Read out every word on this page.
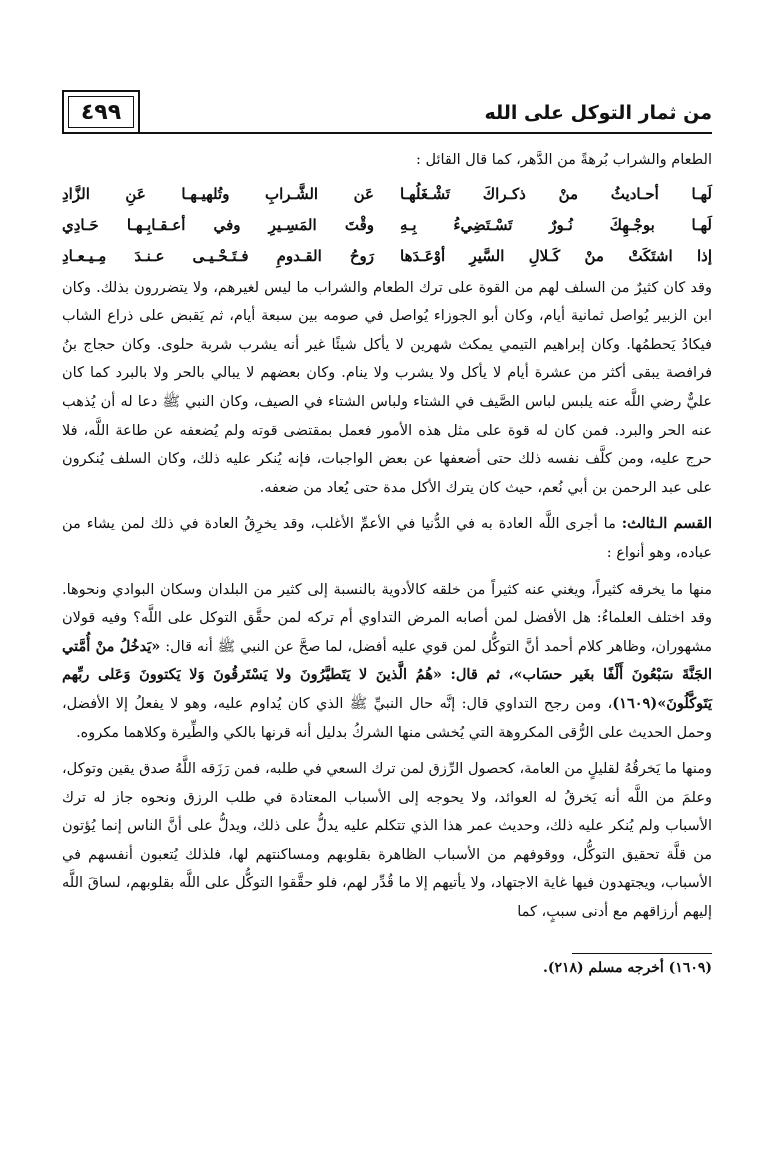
من ثمار التوكل على الله
٤٩٩

الطعام والشراب بُرهةً من الدَّهر، كما قال القائل :

لَهـا أحـاديثُ منْ ذكـراكَ تَشْـغَلُهـا
عَن الشَّـرابِ وتُلهيـهـا عَنِ الزَّادِ
لَهـا بوجْـهِكَ نُـورٌ تَسْـتَضِيءُ بِـهِ
وقْتَ المَسِـيرِ وفي أعـقـابِـهـا حَـادِي
إذا اشتَكَتْ منْ كَـلالِ السَّيرِ أوْعَـدَها
رَوحُ القـدومِ فـتَـحْـيـى عـنـدَ مِـيـعـادِ

وقد كان كثيرٌ من السلف لهم من القوة على ترك الطعام والشراب ما ليس لغيرهم، ولا يتضررون بذلك. وكان ابن الزبير يُواصل ثمانية أيام، وكان أبو الجوزاء يُواصل في صومه بين سبعة أيام، ثم يَقبض على ذراع الشاب فيكادُ يَحطمُها. وكان إبراهيم التيمي يمكث شهرين لا يأكل شيئًا غير أنه يشرب شربة حلوى. وكان حجاج بنُ فرافصة يبقى أكثر من عشرة أيام لا يأكل ولا يشرب ولا ينام. وكان بعضهم لا يبالي بالحر ولا بالبرد كما كان عليٌّ رضي اللَّه عنه يلبس لباس الصَّيف في الشتاء ولباس الشتاء في الصيف، وكان النبي ﷺ دعا له أن يُذهب عنه الحر والبرد. فمن كان له قوة على مثل هذه الأمور فعمل بمقتضى قوته ولم يُضعفه عن طاعة اللَّه، فلا حرج عليه، ومن كلَّف نفسه ذلك حتى أضعفها عن بعض الواجبات، فإنه يُنكر عليه ذلك، وكان السلف يُنكرون على عبد الرحمن بن أبي نُعم، حيث كان يترك الأكل مدة حتى يُعاد من ضعفه.

القسم الـثالث: ما أجرى اللَّه العادة به في الدُّنيا في الأعمِّ الأغلب، وقد يخرِقُ العادة في ذلك لمن يشاء من عباده، وهو أنواع :

منها ما يخرقه كثيراً، ويغني عنه كثيراً من خلقه كالأدوية بالنسبة إلى كثير من البلدان وسكان البوادي ونحوها. وقد اختلف العلماءُ: هل الأفضل لمن أصابه المرض التداوي أم تركه لمن حقَّق التوكل على اللَّه؟ وفيه قولان مشهوران، وظاهر كلام أحمد أنَّ التوكُّل لمن قوي عليه أفضل، لما صحَّ عن النبي ﷺ أنه قال: «يَدخُلُ منْ أُمَّتي الجَنَّةَ سَبْعُونَ أَلْفًا بغَير حسَاب»، ثم قال: «هُمُ الَّذينَ لا يَتَطيَّرُونَ ولا يَسْتَرقُونَ وَلا يَكتوونَ وَعَلى ربِّهم يَتَوكَّلُونَ»(١٦٠٩)، ومن رجح التداوي قال: إنَّه حال النبيِّ ﷺ الذي كان يُداوم عليه، وهو لا يفعلُ إلا الأفضل، وحمل الحديث على الرُّقى المكروهة التي يُخشى منها الشركُ بدليل أنه قرنها بالكي والطِّيرة وكلاهما مكروه.

ومنها ما يَخرقُهُ لقليلٍ من العامة، كحصول الرِّزق لمن ترك السعي في طلبه، فمن رَزَقه اللَّهُ صدق يقين وتوكل، وعلمَ من اللَّه أنه يَخرقُ له العوائد، ولا يحوجه إلى الأسباب المعتادة في طلب الرزق ونحوه جاز له ترك الأسباب ولم يُنكر عليه ذلك، وحديث عمر هذا الذي تتكلم عليه يدلُّ على ذلك، ويدلُّ على أنَّ الناس إنما يُؤتون من قلَّة تحقيق التوكُّل، ووقوفهم من الأسباب الظاهرة بقلوبهم ومساكنتهم لها، فلذلك يُتعبون أنفسهم في الأسباب، ويجتهدون فيها غاية الاجتهاد، ولا يأتيهم إلا ما قُدِّر لهم، فلو حقَّقوا التوكُّل على اللَّه بقلوبهم، لساقَ اللَّه إليهم أرزاقهم مع أدنى سببٍ، كما

(١٦٠٩) أخرجه مسلم (٢١٨).
